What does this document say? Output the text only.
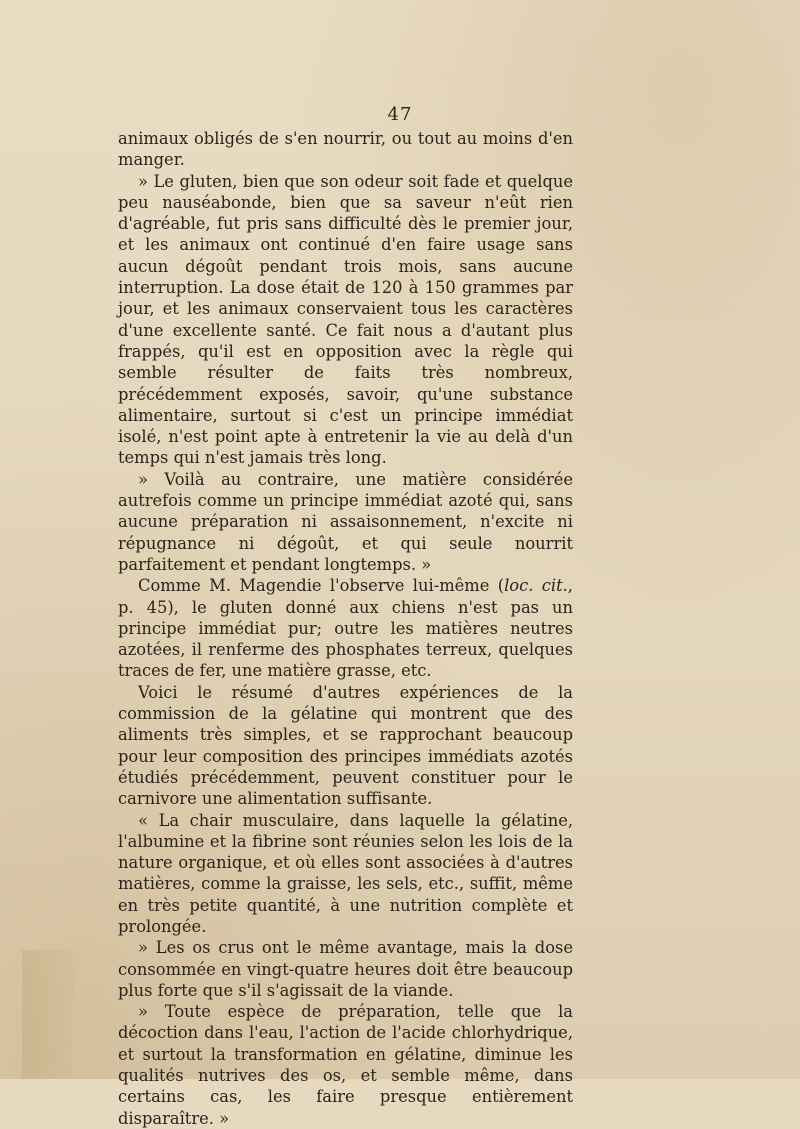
47

animaux obligés de s'en nourrir, ou tout au moins d'en manger.

» Le gluten, bien que son odeur soit fade et quelque peu nauséabonde, bien que sa saveur n'eût rien d'agréable, fut pris sans difficulté dès le premier jour, et les animaux ont continué d'en faire usage sans aucun dégoût pendant trois mois, sans aucune interruption. La dose était de 120 à 150 grammes par jour, et les animaux conservaient tous les caractères d'une excellente santé. Ce fait nous a d'autant plus frappés, qu'il est en opposition avec la règle qui semble résulter de faits très nombreux, précédemment exposés, savoir, qu'une substance alimentaire, surtout si c'est un principe immédiat isolé, n'est point apte à entretenir la vie au delà d'un temps qui n'est jamais très long.

» Voilà au contraire, une matière considérée autrefois comme un principe immédiat azoté qui, sans aucune préparation ni assaisonnement, n'excite ni répugnance ni dégoût, et qui seule nourrit parfaitement et pendant longtemps. »

Comme M. Magendie l'observe lui-même (loc. cit., p. 45), le gluten donné aux chiens n'est pas un principe immédiat pur; outre les matières neutres azotées, il renferme des phosphates terreux, quelques traces de fer, une matière grasse, etc.

Voici le résumé d'autres expériences de la commission de la gélatine qui montrent que des aliments très simples, et se rapprochant beaucoup pour leur composition des principes immédiats azotés étudiés précédemment, peuvent constituer pour le carnivore une alimentation suffisante.

« La chair musculaire, dans laquelle la gélatine, l'albumine et la fibrine sont réunies selon les lois de la nature organique, et où elles sont associées à d'autres matières, comme la graisse, les sels, etc., suffit, même en très petite quantité, à une nutrition complète et prolongée.

» Les os crus ont le même avantage, mais la dose consommée en vingt-quatre heures doit être beaucoup plus forte que s'il s'agissait de la viande.

» Toute espèce de préparation, telle que la décoction dans l'eau, l'action de l'acide chlorhydrique, et surtout la transformation en gélatine, diminue les qualités nutrives des os, et semble même, dans certains cas, les faire presque entièrement disparaître. »
